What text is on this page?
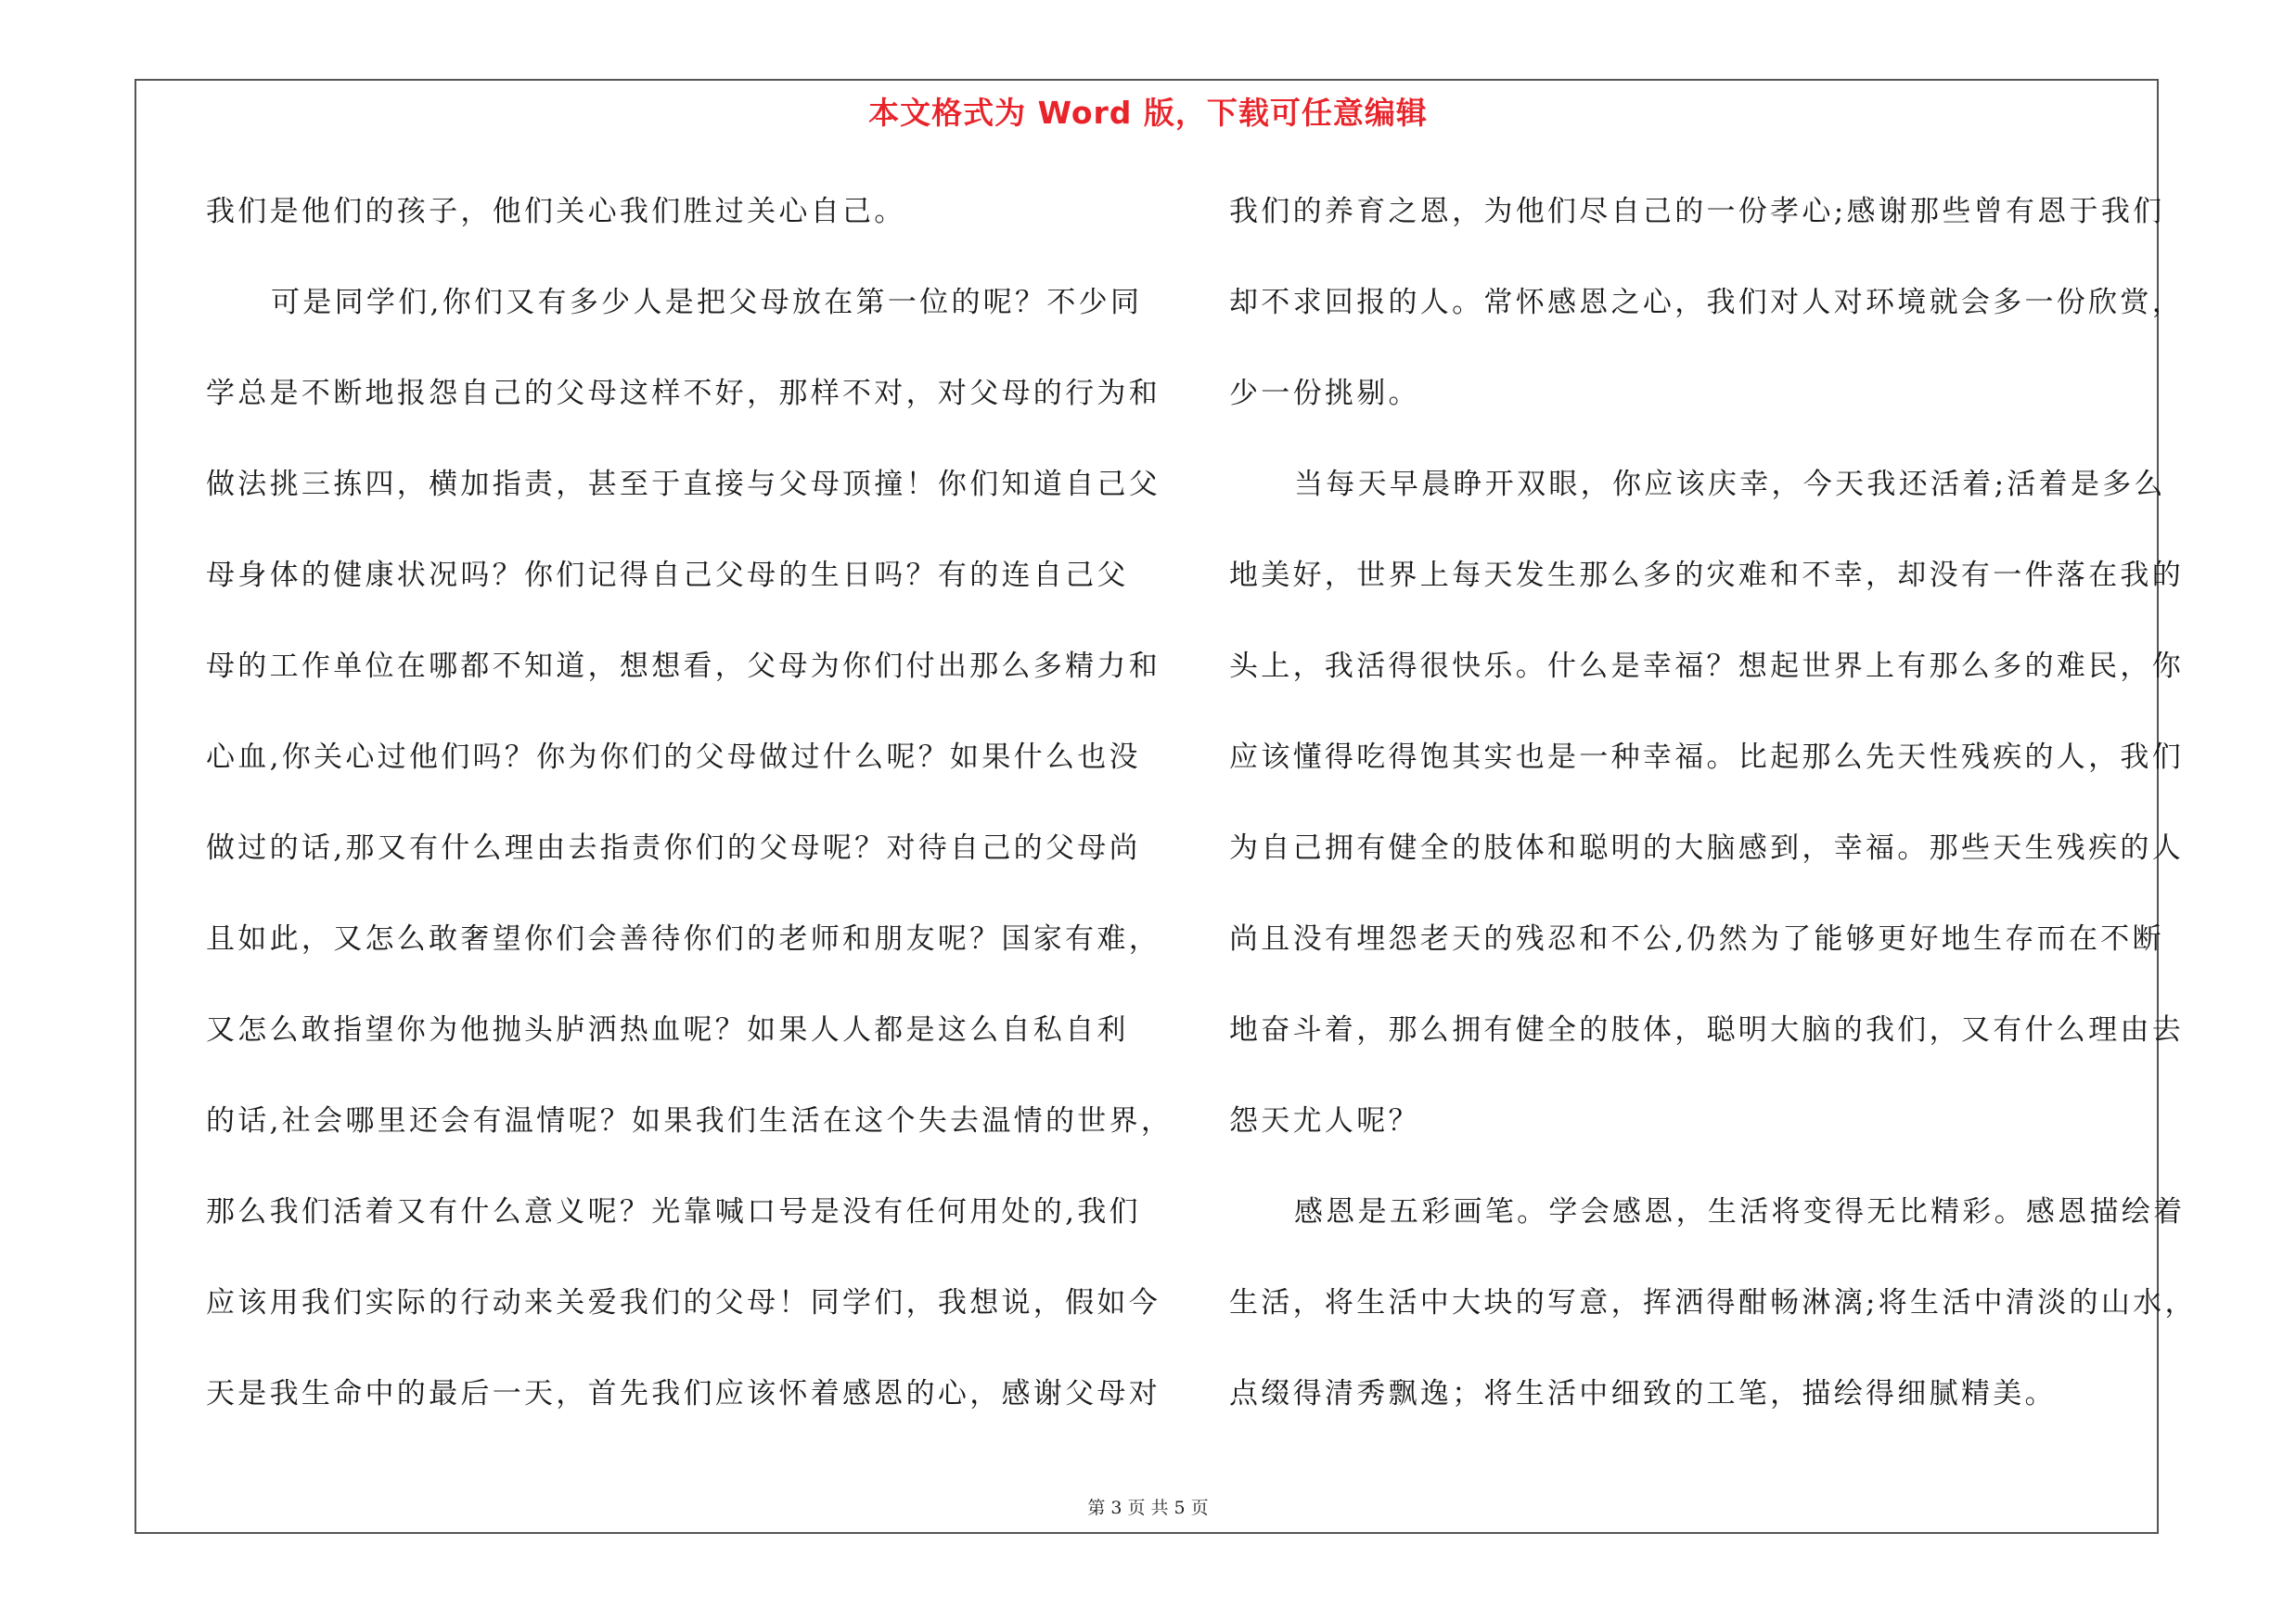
本文格式为 Word 版，下载可任意编辑
我们是他们的孩子，他们关心我们胜过关心自己。
可是同学们,你们又有多少人是把父母放在第一位的呢？不少同
学总是不断地报怨自己的父母这样不好，那样不对，对父母的行为和
做法挑三拣四，横加指责，甚至于直接与父母顶撞！你们知道自己父
母身体的健康状况吗？你们记得自己父母的生日吗？有的连自己父
母的工作单位在哪都不知道，想想看，父母为你们付出那么多精力和
心血,你关心过他们吗？你为你们的父母做过什么呢？如果什么也没
做过的话,那又有什么理由去指责你们的父母呢？对待自己的父母尚
且如此，又怎么敢奢望你们会善待你们的老师和朋友呢？国家有难，
又怎么敢指望你为他抛头胪洒热血呢？如果人人都是这么自私自利
的话,社会哪里还会有温情呢？如果我们生活在这个失去温情的世界，
那么我们活着又有什么意义呢？光靠喊口号是没有任何用处的,我们
应该用我们实际的行动来关爱我们的父母！同学们，我想说，假如今
天是我生命中的最后一天，首先我们应该怀着感恩的心，感谢父母对
我们的养育之恩，为他们尽自己的一份孝心;感谢那些曾有恩于我们
却不求回报的人。常怀感恩之心，我们对人对环境就会多一份欣赏，
少一份挑剔。
当每天早晨睁开双眼，你应该庆幸，今天我还活着;活着是多么
地美好，世界上每天发生那么多的灾难和不幸，却没有一件落在我的
头上，我活得很快乐。什么是幸福？想起世界上有那么多的难民，你
应该懂得吃得饱其实也是一种幸福。比起那么先天性残疾的人，我们
为自己拥有健全的肢体和聪明的大脑感到，幸福。那些天生残疾的人
尚且没有埋怨老天的残忍和不公,仍然为了能够更好地生存而在不断
地奋斗着，那么拥有健全的肢体，聪明大脑的我们，又有什么理由去
怨天尤人呢？
感恩是五彩画笔。学会感恩，生活将变得无比精彩。感恩描绘着
生活，将生活中大块的写意，挥洒得酣畅淋漓;将生活中清淡的山水，
点缀得清秀飘逸；将生活中细致的工笔，描绘得细腻精美。
第 3 页 共 5 页
